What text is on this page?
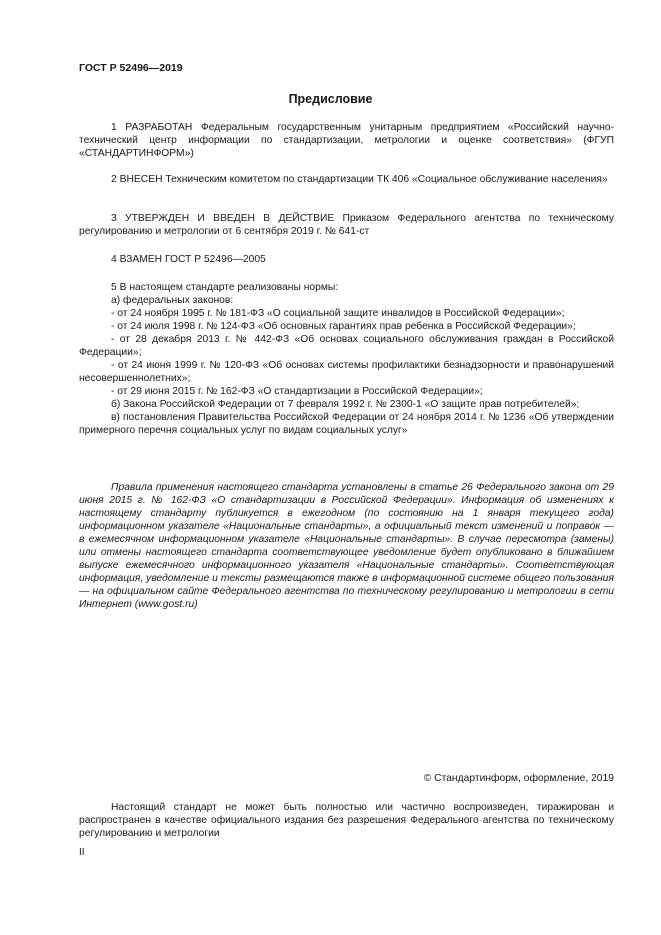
ГОСТ Р 52496—2019
Предисловие

1 РАЗРАБОТАН Федеральным государственным унитарным предприятием «Российский научно-технический центр информации по стандартизации, метрологии и оценке соответствия» (ФГУП «СТАНДАРТИНФОРМ»)

2 ВНЕСЕН Техническим комитетом по стандартизации ТК 406 «Социальное обслуживание населения»

3 УТВЕРЖДЕН И ВВЕДЕН В ДЕЙСТВИЕ Приказом Федерального агентства по техническому регулированию и метрологии от 6 сентября 2019 г. № 641-ст

4 ВЗАМЕН ГОСТ Р 52496—2005

5 В настоящем стандарте реализованы нормы:

а) федеральных законов:

- от 24 ноября 1995 г. № 181-ФЗ «О социальной защите инвалидов в Российской Федерации»;

- от 24 июля 1998 г. № 124-ФЗ «Об основных гарантиях прав ребенка в Российской Федерации»;

- от 28 декабря 2013 г. № 442-ФЗ «Об основах социального обслуживания граждан в Российской Федерации»;

- от 24 июня 1999 г. № 120-ФЗ «Об основах системы профилактики безнадзорности и правонарушений несовершеннолетних»;

- от 29 июня 2015 г. № 162-ФЗ «О стандартизации в Российской Федерации»;

б) Закона Российской Федерации от 7 февраля 1992 г. № 2300-1 «О защите прав потребителей»;

в) постановления Правительства Российской Федерации от 24 ноября 2014 г. № 1236 «Об утверждении примерного перечня социальных услуг по видам социальных услуг»

Правила применения настоящего стандарта установлены в статье 26 Федерального закона от 29 июня 2015 г. № 162-ФЗ «О стандартизации в Российской Федерации». Информация об изменениях к настоящему стандарту публикуется в ежегодном (по состоянию на 1 января текущего года) информационном указателе «Национальные стандарты», а официальный текст изменений и поправок — в ежемесячном информационном указателе «Национальные стандарты». В случае пересмотра (замены) или отмены настоящего стандарта соответствующее уведомление будет опубликовано в ближайшем выпуске ежемесячного информационного указателя «Национальные стандарты». Соответствующая информация, уведомление и тексты размещаются также в информационной системе общего пользования — на официальном сайте Федерального агентства по техническому регулированию и метрологии в сети Интернет (www.gost.ru)

© Стандартинформ, оформление, 2019

Настоящий стандарт не может быть полностью или частично воспроизведен, тиражирован и распространен в качестве официального издания без разрешения Федерального агентства по техническому регулированию и метрологии

II
